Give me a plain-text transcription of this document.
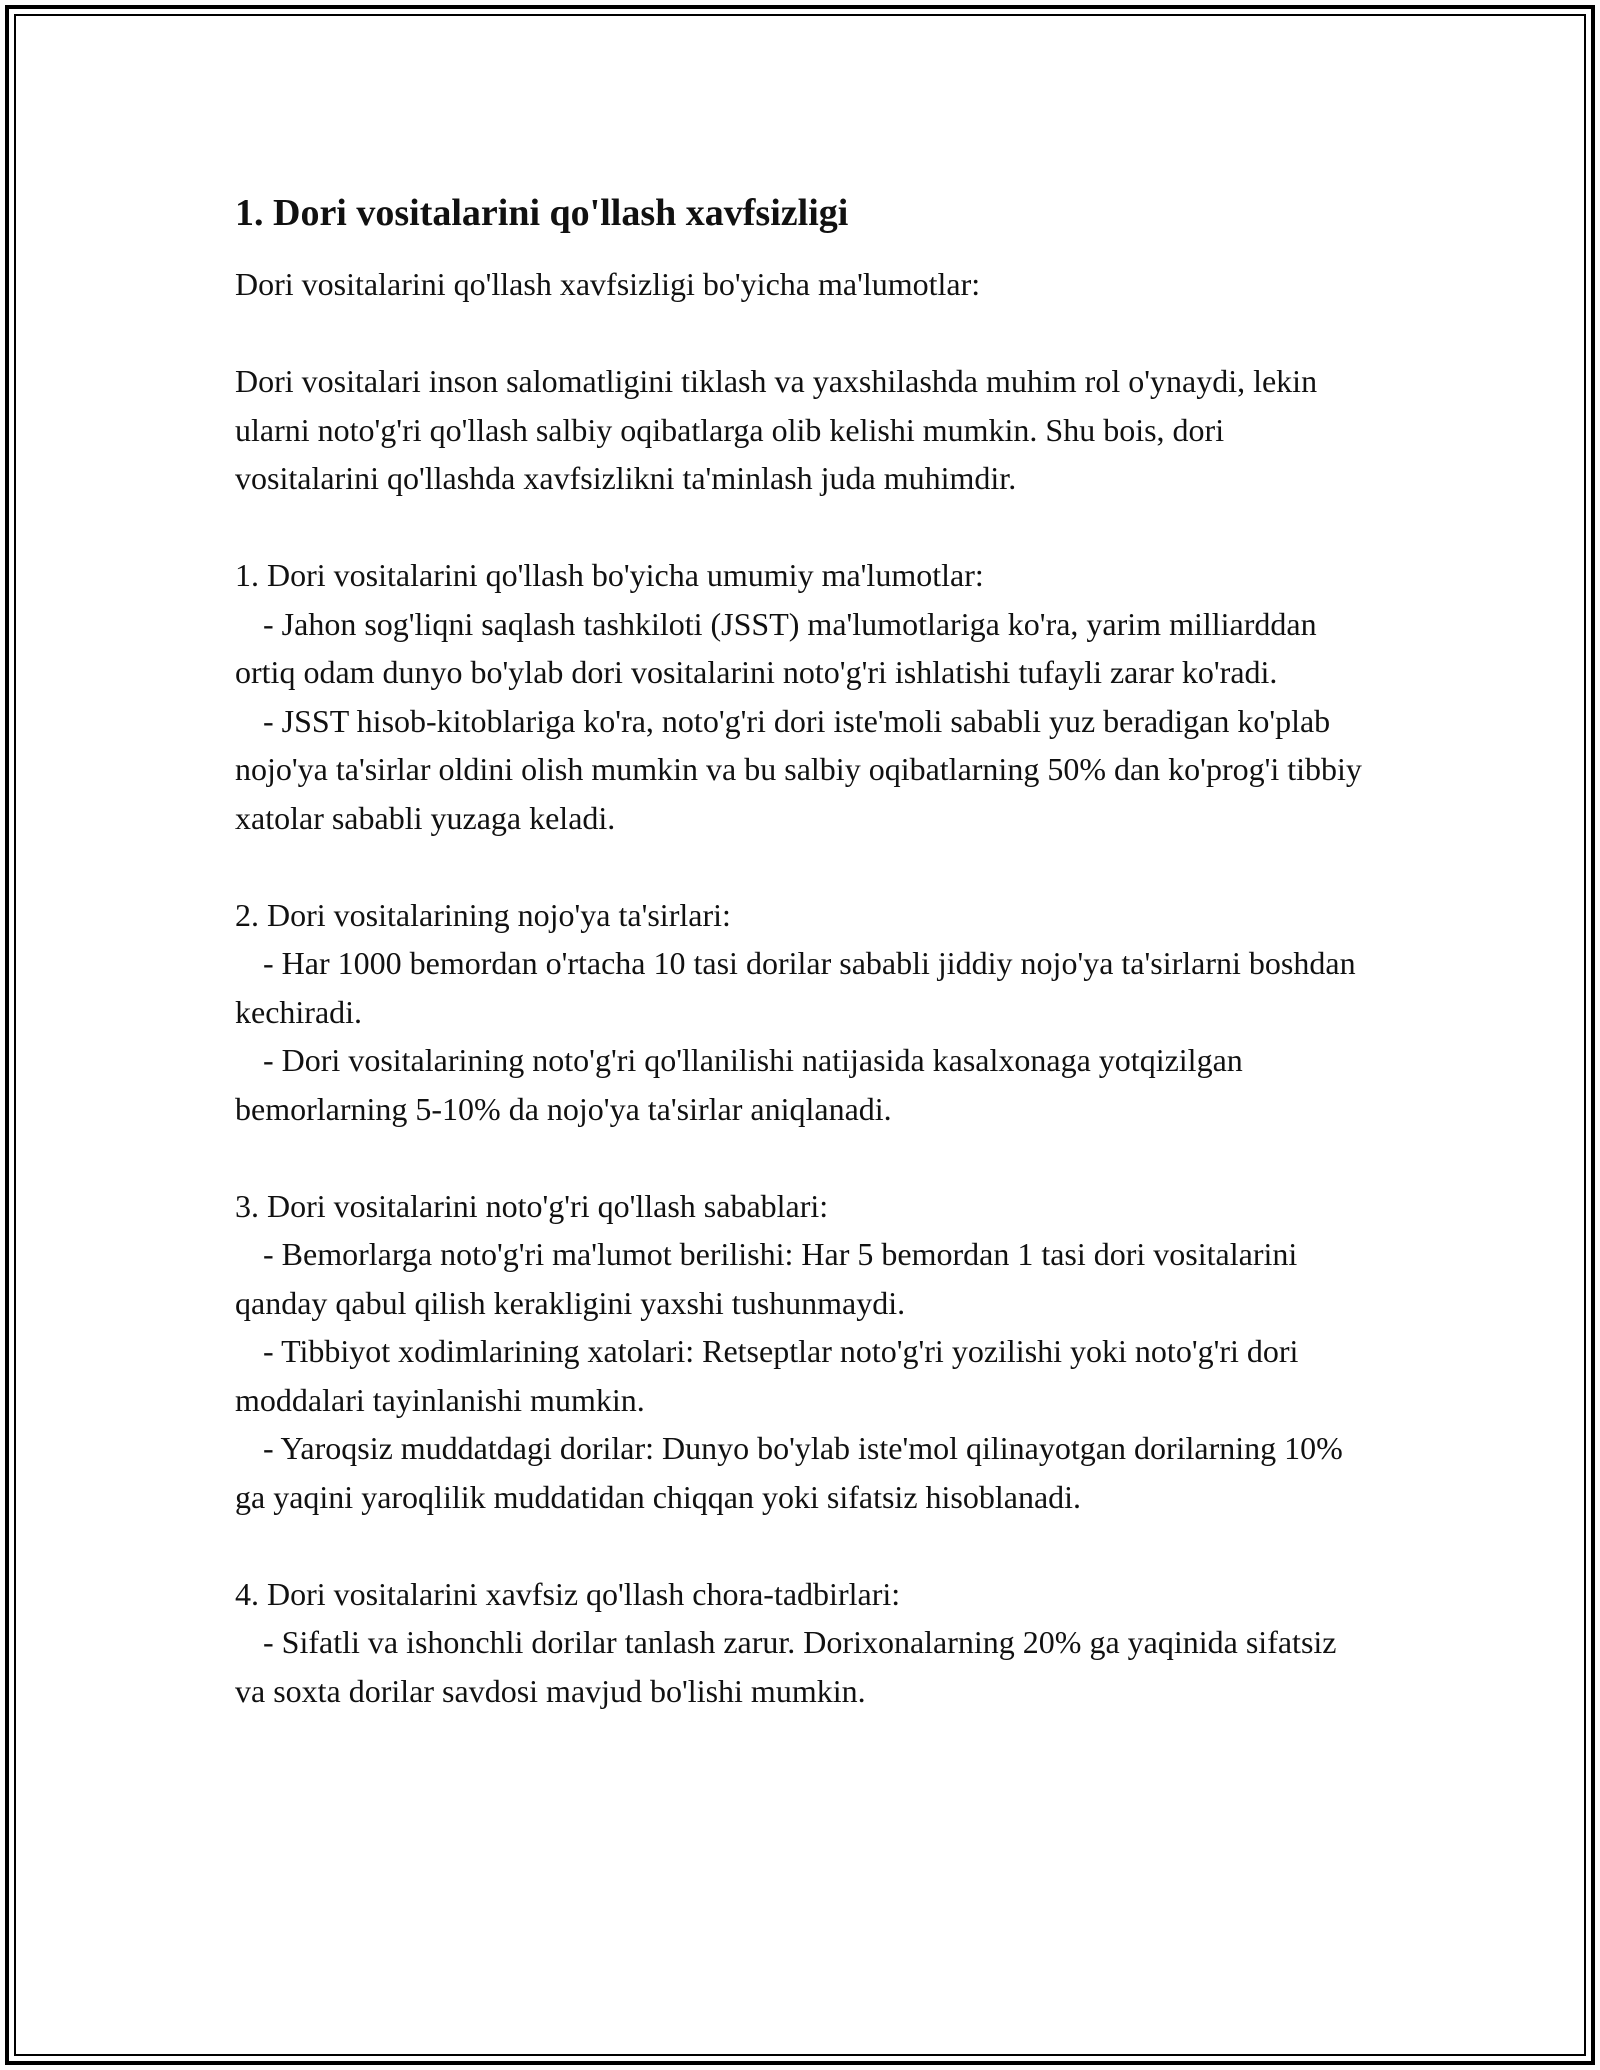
1. Dori vositalarini qo'llash xavfsizligi

Dori vositalarini qo'llash xavfsizligi bo'yicha ma'lumotlar:

Dori vositalari inson salomatligini tiklash va yaxshilashda muhim rol o'ynaydi, lekin ularni noto'g'ri qo'llash salbiy oqibatlarga olib kelishi mumkin. Shu bois, dori vositalarini qo'llashda xavfsizlikni ta'minlash juda muhimdir.

1. Dori vositalarini qo'llash bo'yicha umumiy ma'lumotlar:

- Jahon sog'liqni saqlash tashkiloti (JSST) ma'lumotlariga ko'ra, yarim milliarddan ortiq odam dunyo bo'ylab dori vositalarini noto'g'ri ishlatishi tufayli zarar ko'radi.

- JSST hisob-kitoblariga ko'ra, noto'g'ri dori iste'moli sababli yuz beradigan ko'plab nojo'ya ta'sirlar oldini olish mumkin va bu salbiy oqibatlarning 50% dan ko'prog'i tibbiy xatolar sababli yuzaga keladi.

2. Dori vositalarining nojo'ya ta'sirlari:

- Har 1000 bemordan o'rtacha 10 tasi dorilar sababli jiddiy nojo'ya ta'sirlarni boshdan kechiradi.

- Dori vositalarining noto'g'ri qo'llanilishi natijasida kasalxonaga yotqizilgan bemorlarning 5-10% da nojo'ya ta'sirlar aniqlanadi.

3. Dori vositalarini noto'g'ri qo'llash sabablari:

- Bemorlarga noto'g'ri ma'lumot berilishi: Har 5 bemordan 1 tasi dori vositalarini qanday qabul qilish kerakligini yaxshi tushunmaydi.

- Tibbiyot xodimlarining xatolari: Retseptlar noto'g'ri yozilishi yoki noto'g'ri dori moddalari tayinlanishi mumkin.

- Yaroqsiz muddatdagi dorilar: Dunyo bo'ylab iste'mol qilinayotgan dorilarning 10% ga yaqini yaroqlilik muddatidan chiqqan yoki sifatsiz hisoblanadi.

4. Dori vositalarini xavfsiz qo'llash chora-tadbirlari:

- Sifatli va ishonchli dorilar tanlash zarur. Dorixonalarning 20% ga yaqinida sifatsiz va soxta dorilar savdosi mavjud bo'lishi mumkin.
